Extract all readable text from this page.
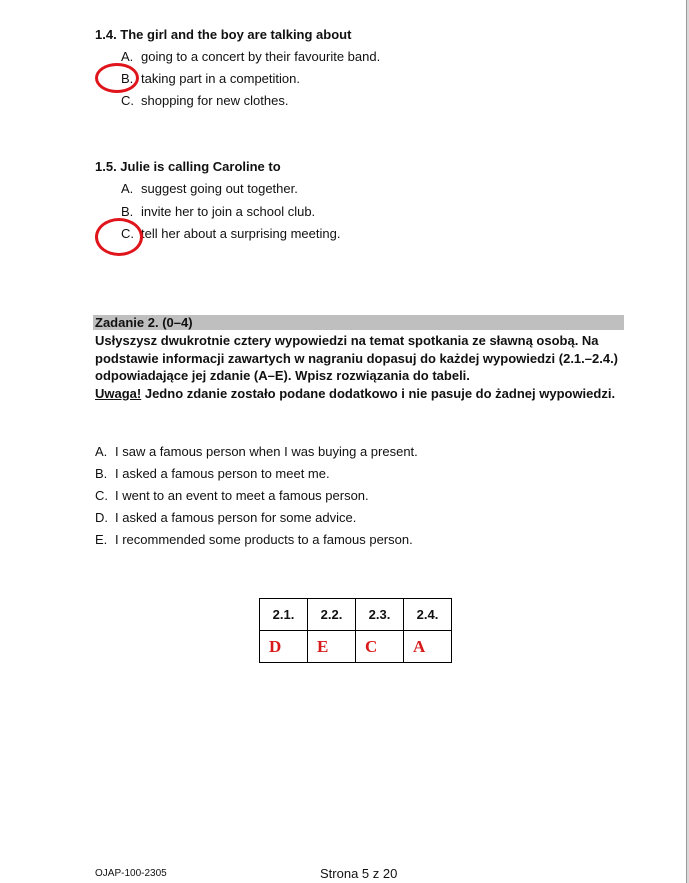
1.4. The girl and the boy are talking about
A. going to a concert by their favourite band.
B. taking part in a competition.
C. shopping for new clothes.
1.5. Julie is calling Caroline to
A. suggest going out together.
B. invite her to join a school club.
C. tell her about a surprising meeting.
Zadanie 2. (0–4)
Usłyszysz dwukrotnie cztery wypowiedzi na temat spotkania ze sławną osobą. Na
podstawie informacji zawartych w nagraniu dopasuj do każdej wypowiedzi (2.1.–2.4.)
odpowiadające jej zdanie (A–E). Wpisz rozwiązania do tabeli.
Uwaga! Jedno zdanie zostało podane dodatkowo i nie pasuje do żadnej wypowiedzi.
A. I saw a famous person when I was buying a present.
B. I asked a famous person to meet me.
C. I went to an event to meet a famous person.
D. I asked a famous person for some advice.
E. I recommended some products to a famous person.
2.1.	2.2.	2.3.	2.4.
D	E	C	A
OJAP-100-2305	Strona 5 z 20
